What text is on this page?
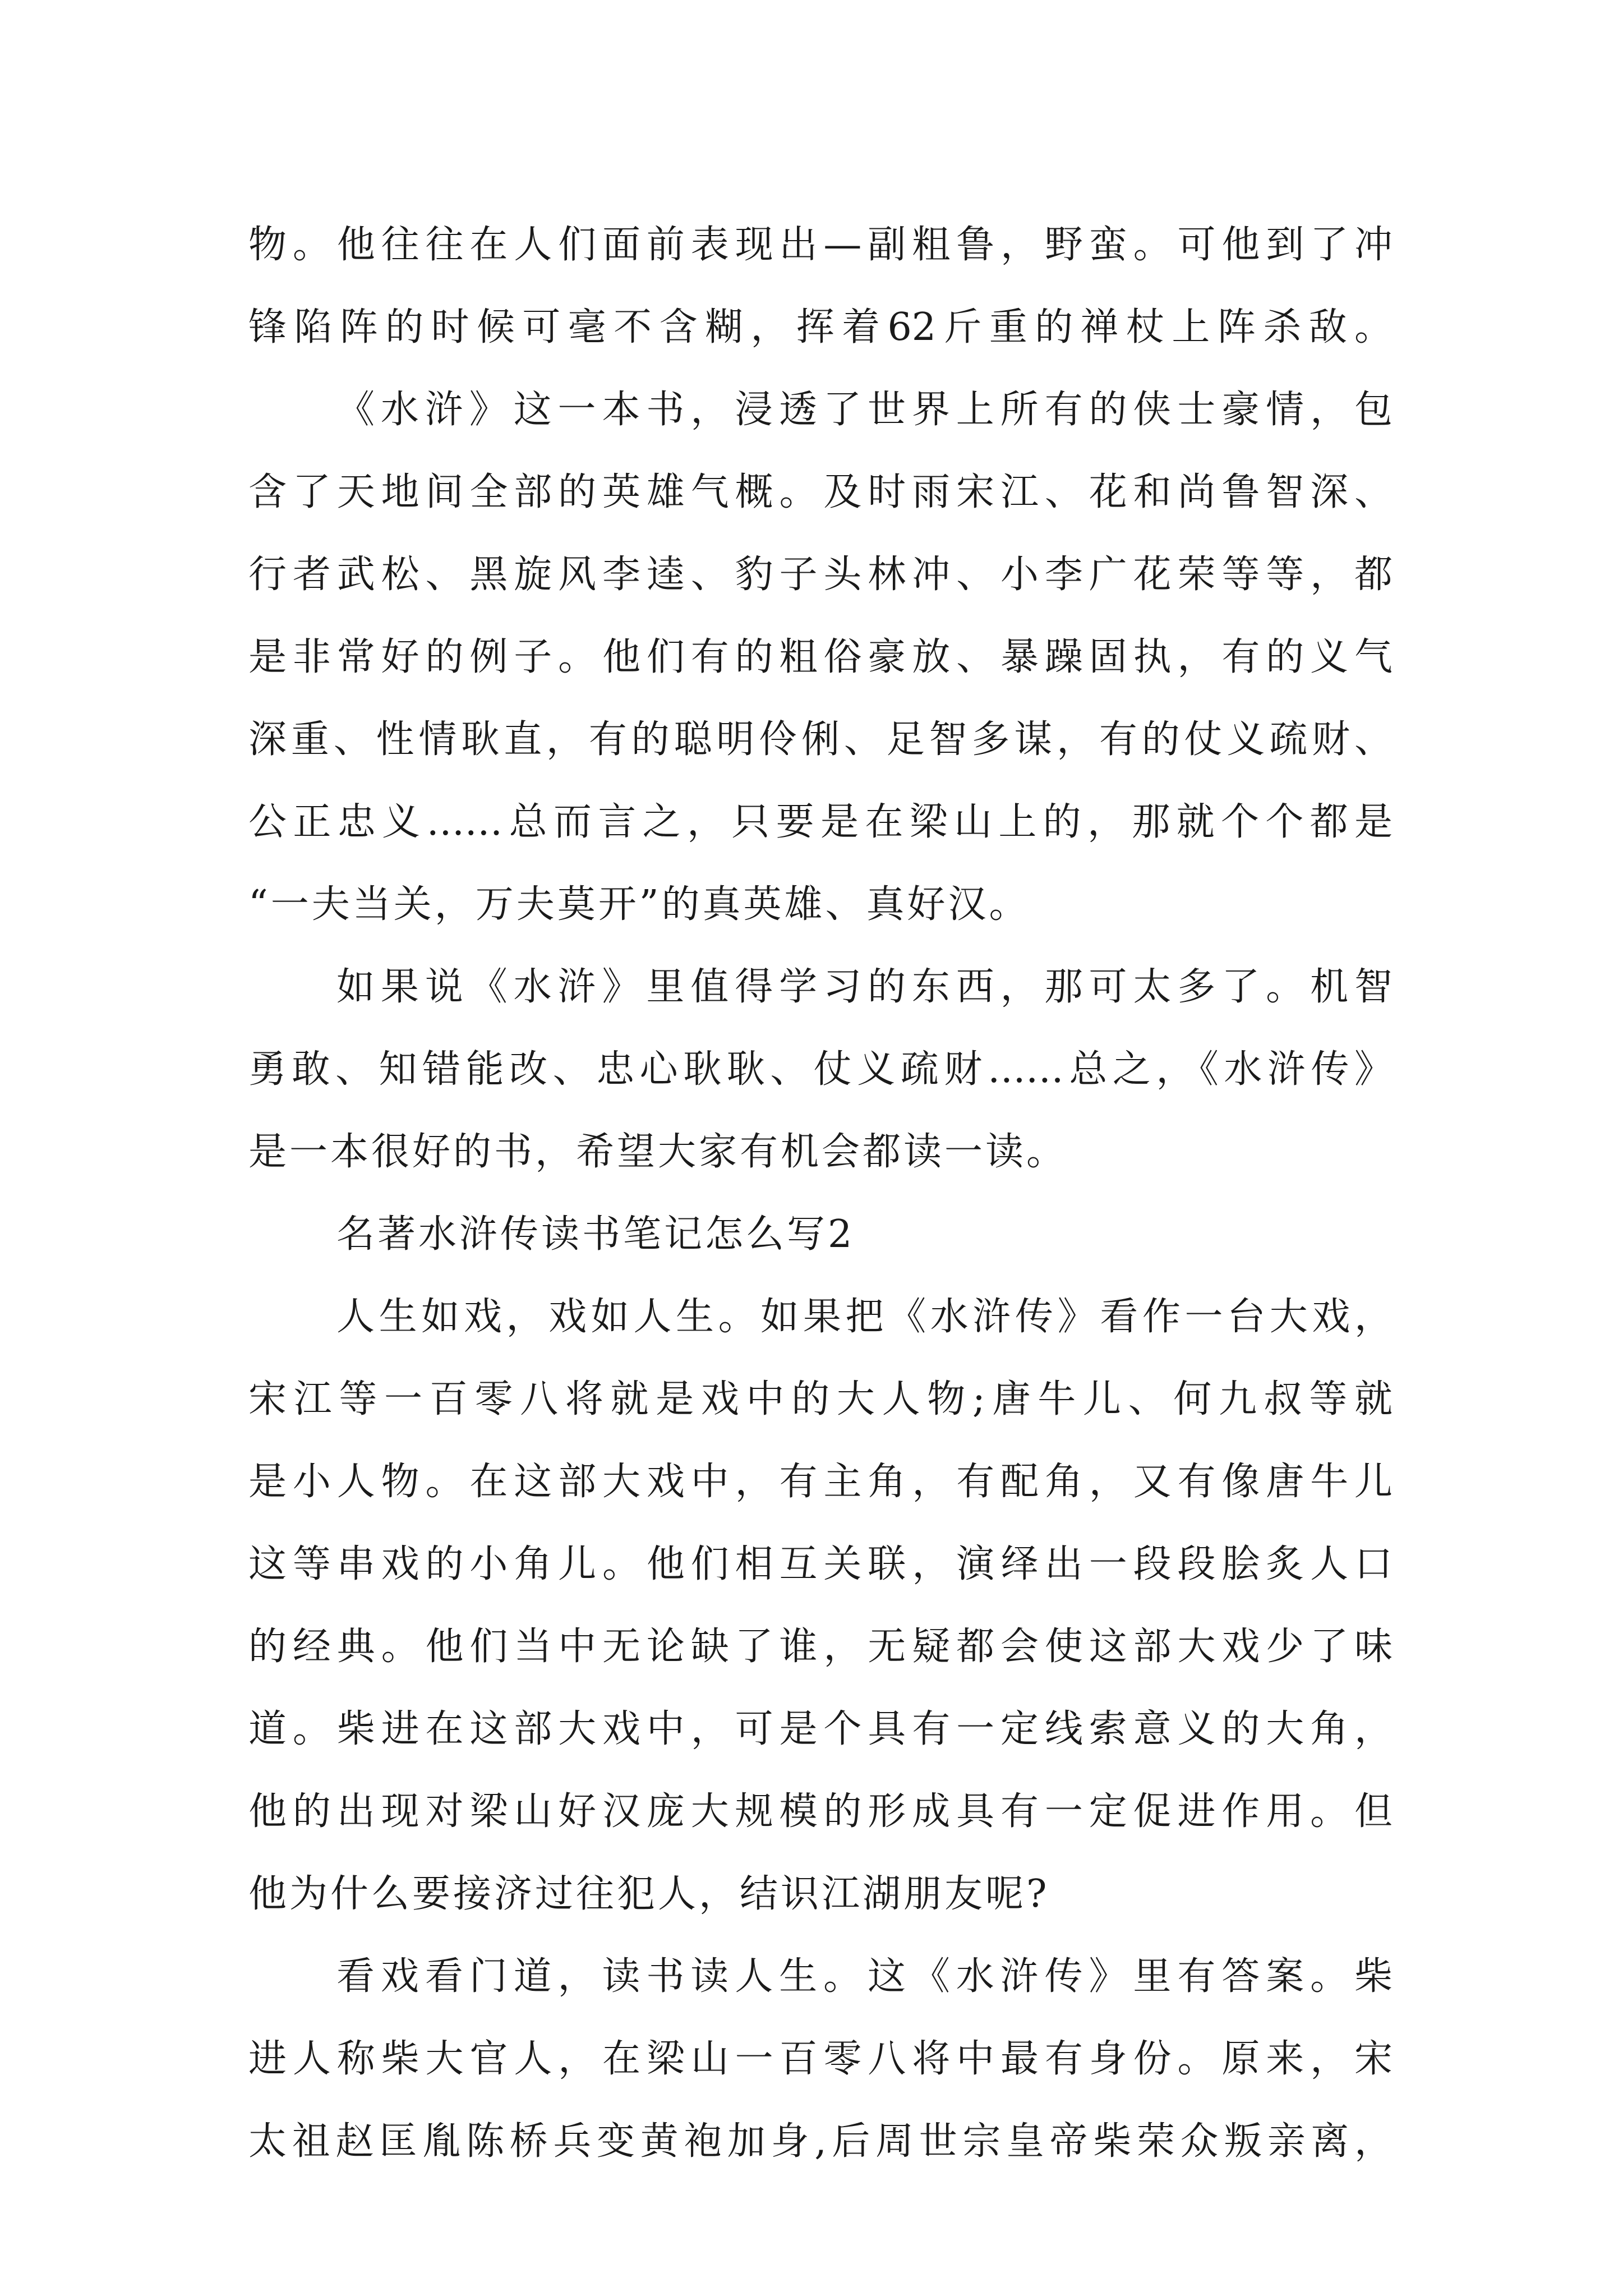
物。他往往在人们面前表现出—副粗鲁，野蛮。可他到了冲
锋陷阵的时候可毫不含糊，挥着62斤重的禅杖上阵杀敌。
《水浒》这一本书，浸透了世界上所有的侠士豪情，包
含了天地间全部的英雄气概。及时雨宋江、花和尚鲁智深、
行者武松、黑旋风李逵、豹子头林冲、小李广花荣等等，都
是非常好的例子。他们有的粗俗豪放、暴躁固执，有的义气
深重、性情耿直，有的聪明伶俐、足智多谋，有的仗义疏财、
公正忠义……总而言之，只要是在梁山上的，那就个个都是
“一夫当关，万夫莫开”的真英雄、真好汉。
如果说《水浒》里值得学习的东西，那可太多了。机智
勇敢、知错能改、忠心耿耿、仗义疏财……总之，《水浒传》
是一本很好的书，希望大家有机会都读一读。
名著水浒传读书笔记怎么写2
人生如戏，戏如人生。如果把《水浒传》看作一台大戏，
宋江等一百零八将就是戏中的大人物;唐牛儿、何九叔等就
是小人物。在这部大戏中，有主角，有配角，又有像唐牛儿
这等串戏的小角儿。他们相互关联，演绎出一段段脍炙人口
的经典。他们当中无论缺了谁，无疑都会使这部大戏少了味
道。柴进在这部大戏中，可是个具有一定线索意义的大角，
他的出现对梁山好汉庞大规模的形成具有一定促进作用。但
他为什么要接济过往犯人，结识江湖朋友呢?
看戏看门道，读书读人生。这《水浒传》里有答案。柴
进人称柴大官人，在梁山一百零八将中最有身份。原来，宋
太祖赵匡胤陈桥兵变黄袍加身,后周世宗皇帝柴荣众叛亲离，
